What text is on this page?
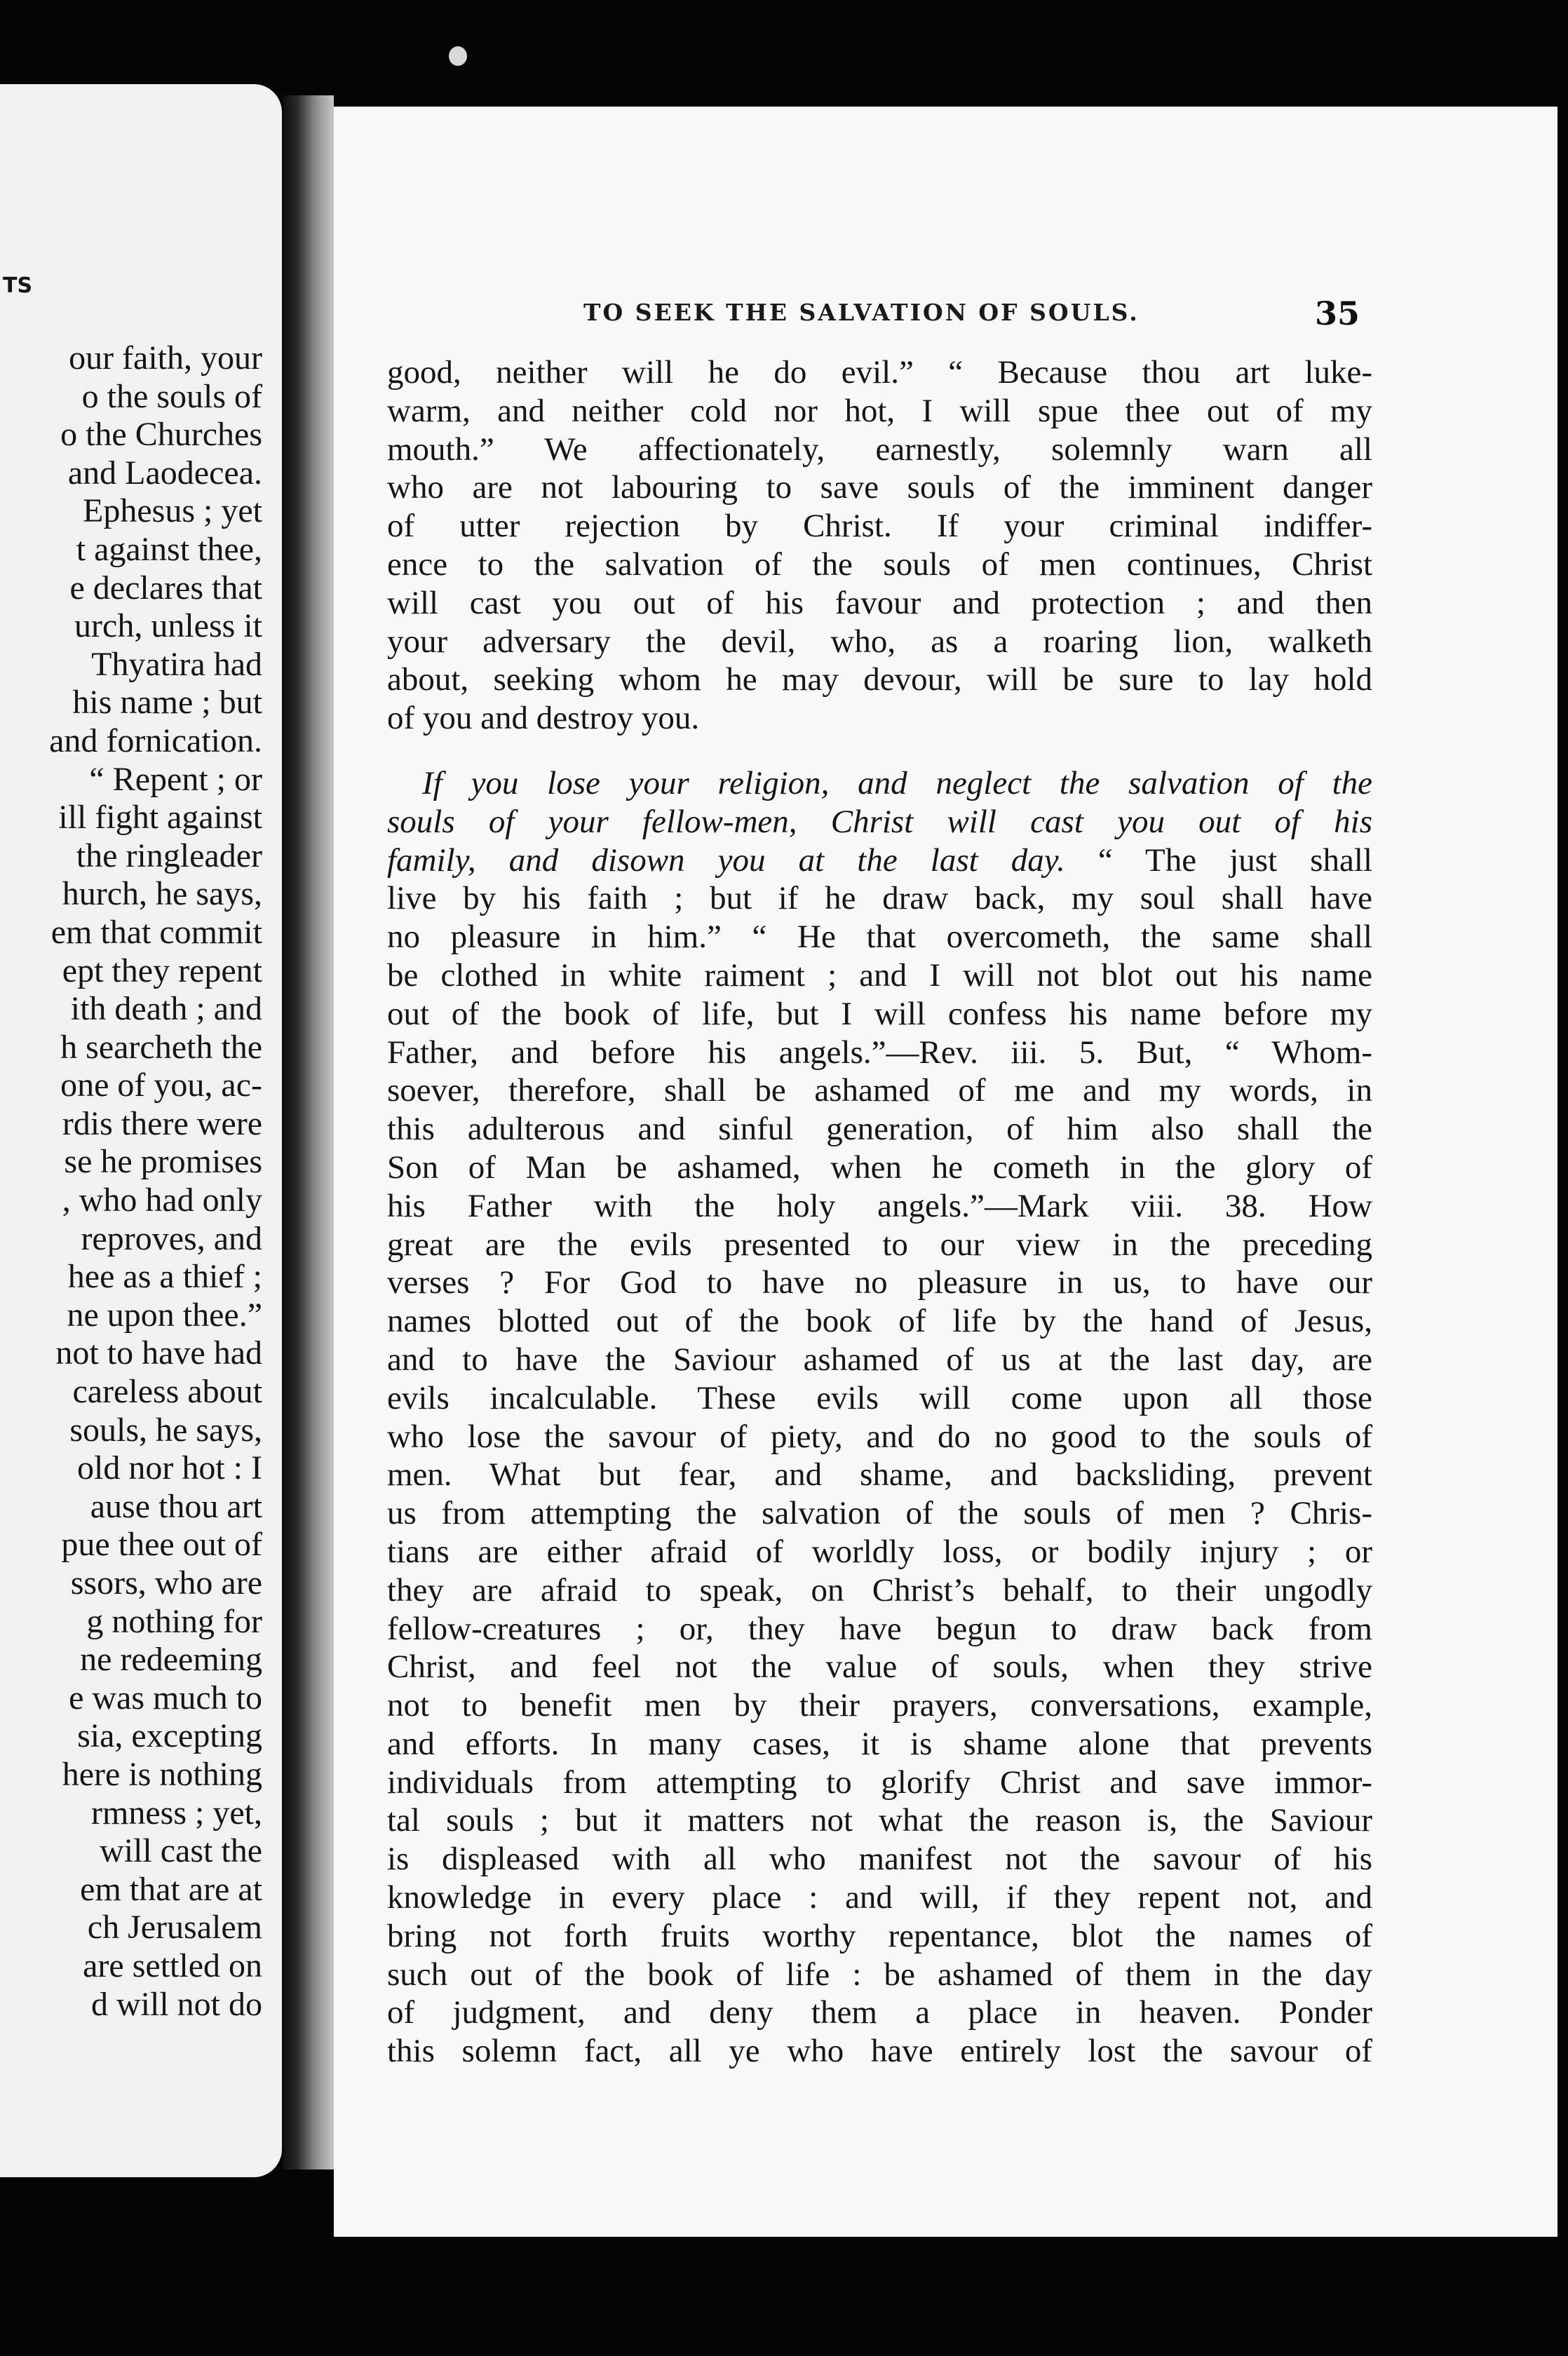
TS
our faith, your
o the souls of
o the Churches
and Laodecea.
Ephesus ; yet
t against thee,
e declares that
urch, unless it
Thyatira had
his name ; but
and fornication.
“ Repent ; or
ill fight against
the ringleader
hurch, he says,
em that commit
ept they repent
ith death ; and
h searcheth the
one of you, ac-
rdis there were
se he promises
, who had only
reproves, and
hee as a thief ;
ne upon thee.”
not to have had
careless about
souls, he says,
old nor hot : I
ause thou art
pue thee out of
ssors, who are
g nothing for
ne redeeming
e was much to
sia, excepting
here is nothing
rmness ; yet,
will cast the
em that are at
ch Jerusalem
are settled on
d will not do
TO SEEK THE SALVATION OF SOULS.	35
good, neither will he do evil.” “ Because thou art luke-
warm, and neither cold nor hot, I will spue thee out of my
mouth.” We affectionately, earnestly, solemnly warn all
who are not labouring to save souls of the imminent danger
of utter rejection by Christ. If your criminal indiffer-
ence to the salvation of the souls of men continues, Christ
will cast you out of his favour and protection ; and then
your adversary the devil, who, as a roaring lion, walketh
about, seeking whom he may devour, will be sure to lay hold
of you and destroy you.
If you lose your religion, and neglect the salvation of the
souls of your fellow-men, Christ will cast you out of his
family, and disown you at the last day. “ The just shall
live by his faith ; but if he draw back, my soul shall have
no pleasure in him.” “ He that overcometh, the same shall
be clothed in white raiment ; and I will not blot out his name
out of the book of life, but I will confess his name before my
Father, and before his angels.”—Rev. iii. 5. But, “ Whom-
soever, therefore, shall be ashamed of me and my words, in
this adulterous and sinful generation, of him also shall the
Son of Man be ashamed, when he cometh in the glory of
his Father with the holy angels.”—Mark viii. 38. How
great are the evils presented to our view in the preceding
verses ? For God to have no pleasure in us, to have our
names blotted out of the book of life by the hand of Jesus,
and to have the Saviour ashamed of us at the last day, are
evils incalculable. These evils will come upon all those
who lose the savour of piety, and do no good to the souls of
men. What but fear, and shame, and backsliding, prevent
us from attempting the salvation of the souls of men ? Chris-
tians are either afraid of worldly loss, or bodily injury ; or
they are afraid to speak, on Christ’s behalf, to their ungodly
fellow-creatures ; or, they have begun to draw back from
Christ, and feel not the value of souls, when they strive
not to benefit men by their prayers, conversations, example,
and efforts. In many cases, it is shame alone that prevents
individuals from attempting to glorify Christ and save immor-
tal souls ; but it matters not what the reason is, the Saviour
is displeased with all who manifest not the savour of his
knowledge in every place : and will, if they repent not, and
bring not forth fruits worthy repentance, blot the names of
such out of the book of life : be ashamed of them in the day
of judgment, and deny them a place in heaven. Ponder
this solemn fact, all ye who have entirely lost the savour of
